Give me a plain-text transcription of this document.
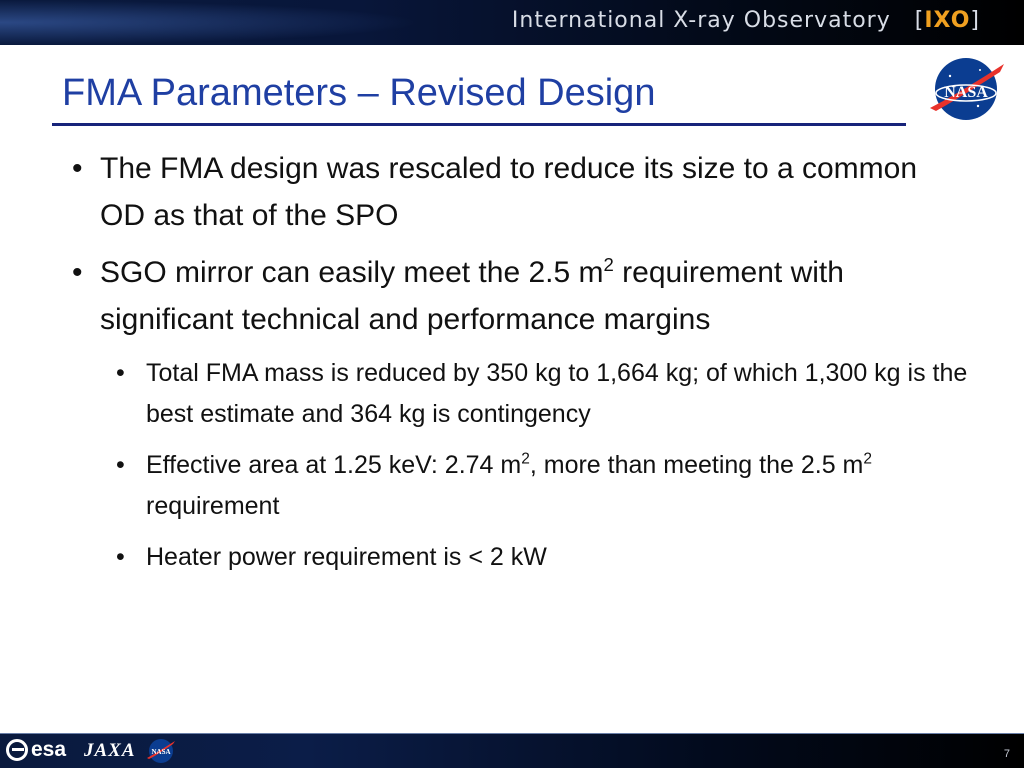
International X-ray Observatory [IXO]
FMA Parameters – Revised Design	NASA
• The FMA design was rescaled to reduce its size to a common OD as that of the SPO
• SGO mirror can easily meet the 2.5 $m^2$ requirement with significant technical and performance margins
• Total FMA mass is reduced by 350 kg to 1,664 kg; of which 1,300 kg is the best estimate and 364 kg is contingency
• Effective area at 1.25 keV: 2.74 $m^2$, more than meeting the 2.5 $m^2$ requirement
• Heater power requirement is < 2 kW
esa JAXA NASA	7
